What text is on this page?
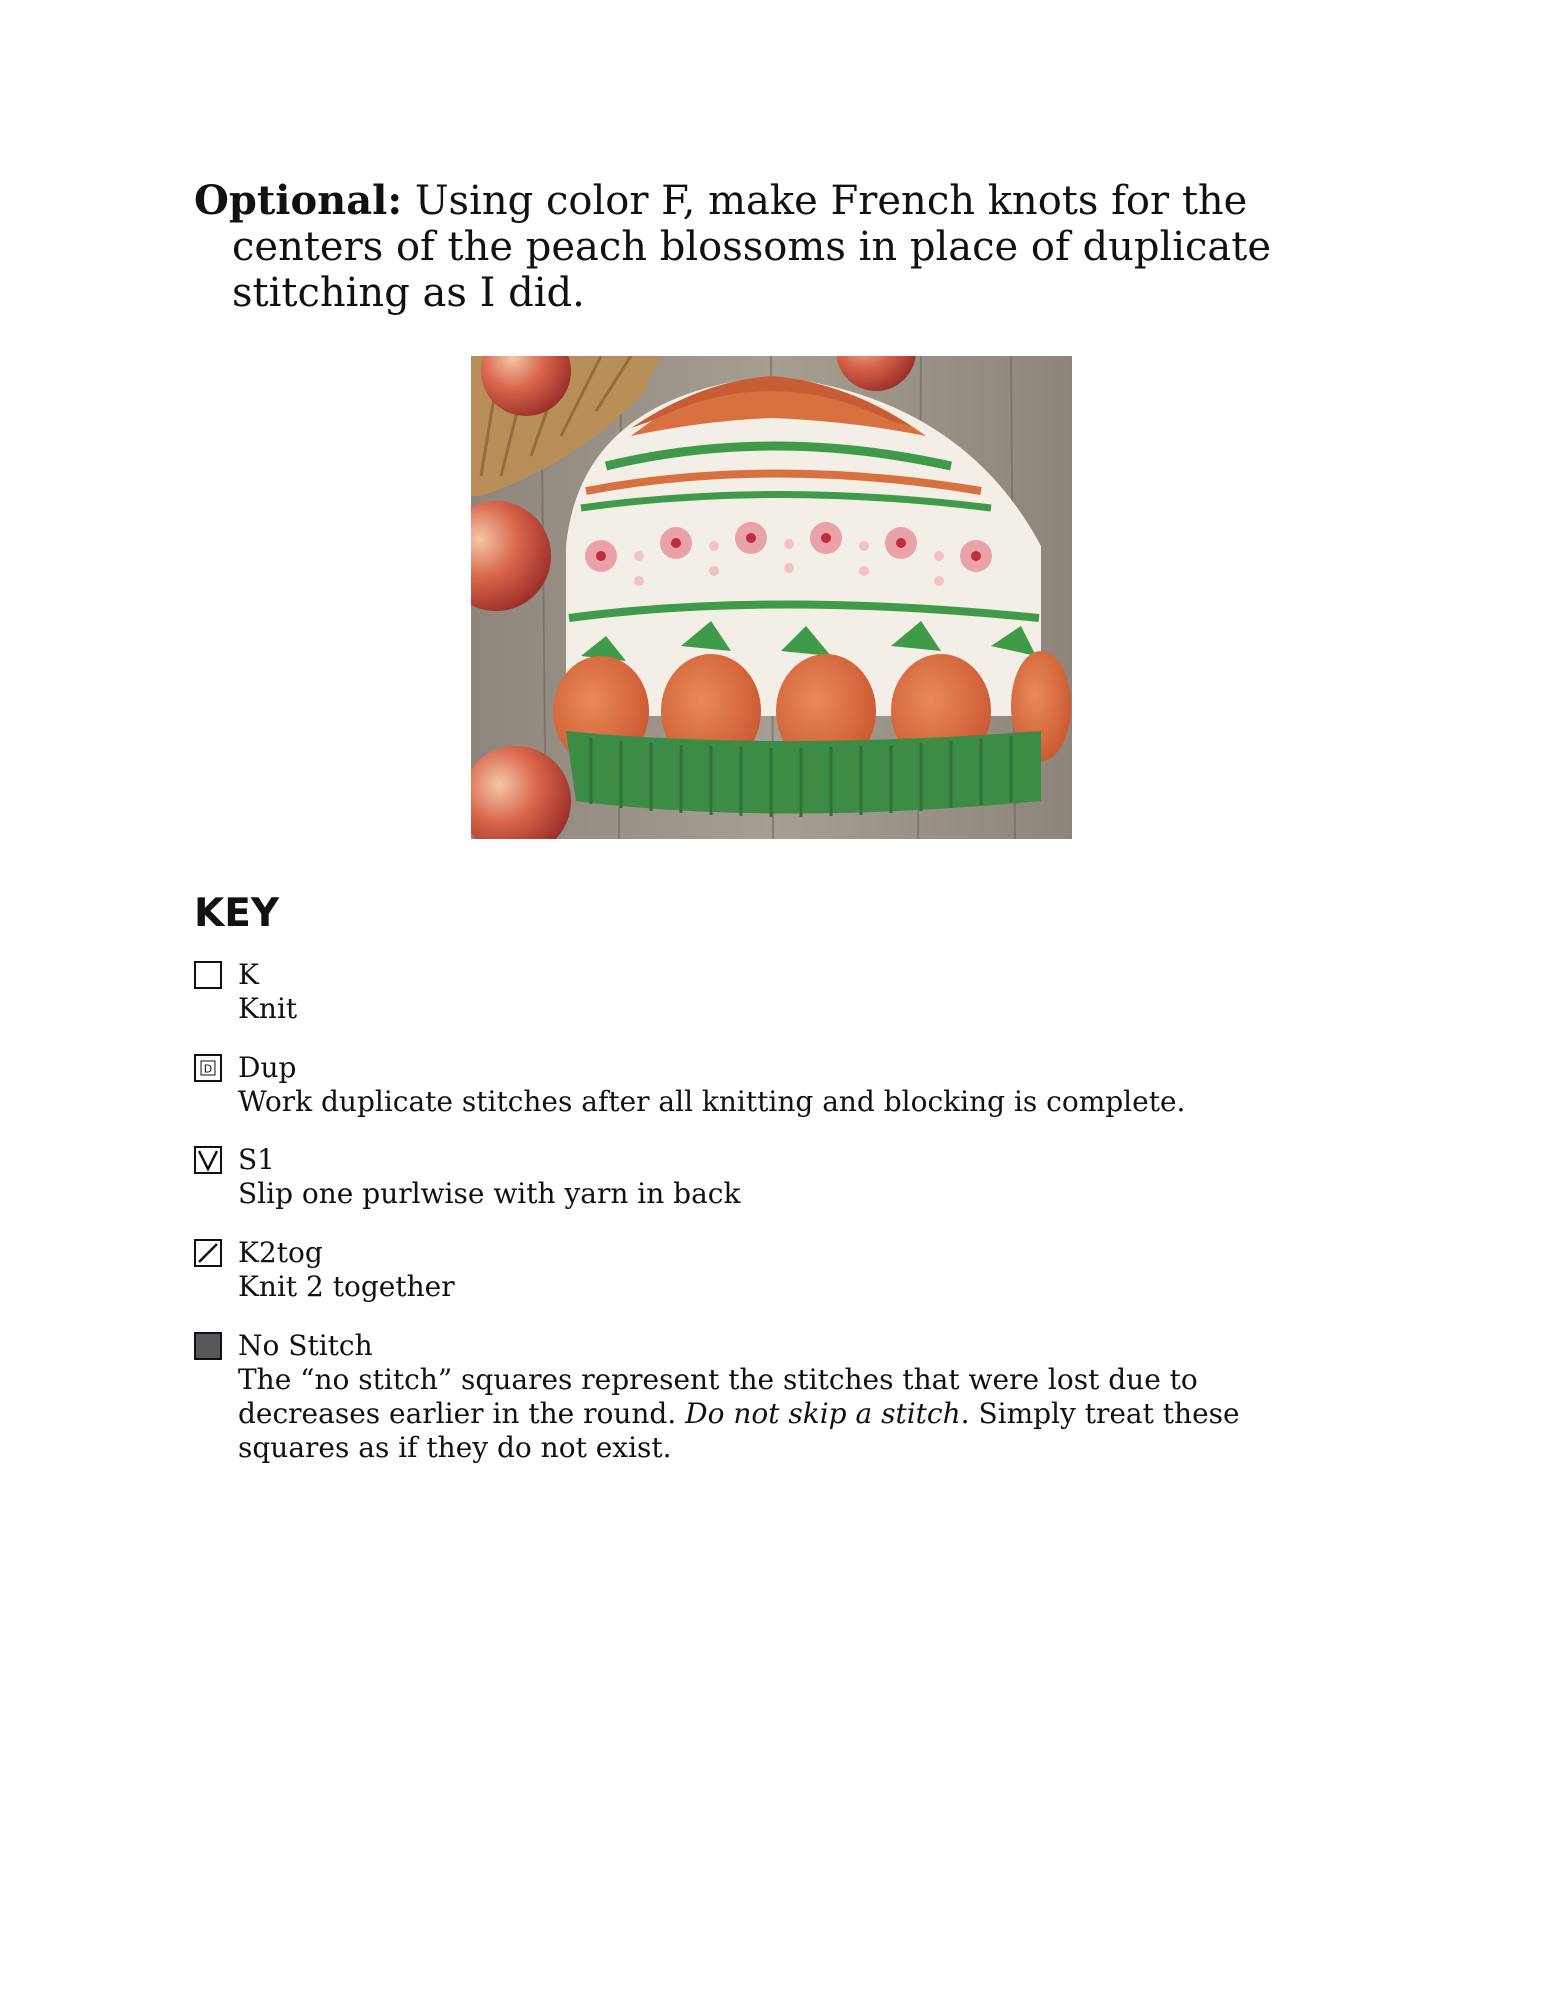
Optional: Using color F, make French knots for the centers of the peach blossoms in place of duplicate stitching as I did.

KEY
K

Knit

D Dup

Work duplicate stitches after all knitting and blocking is complete.

S1

Slip one purlwise with yarn in back

K2tog

Knit 2 together

No Stitch

The “no stitch” squares represent the stitches that were lost due to decreases earlier in the round. Do not skip a stitch. Simply treat these squares as if they do not exist.
